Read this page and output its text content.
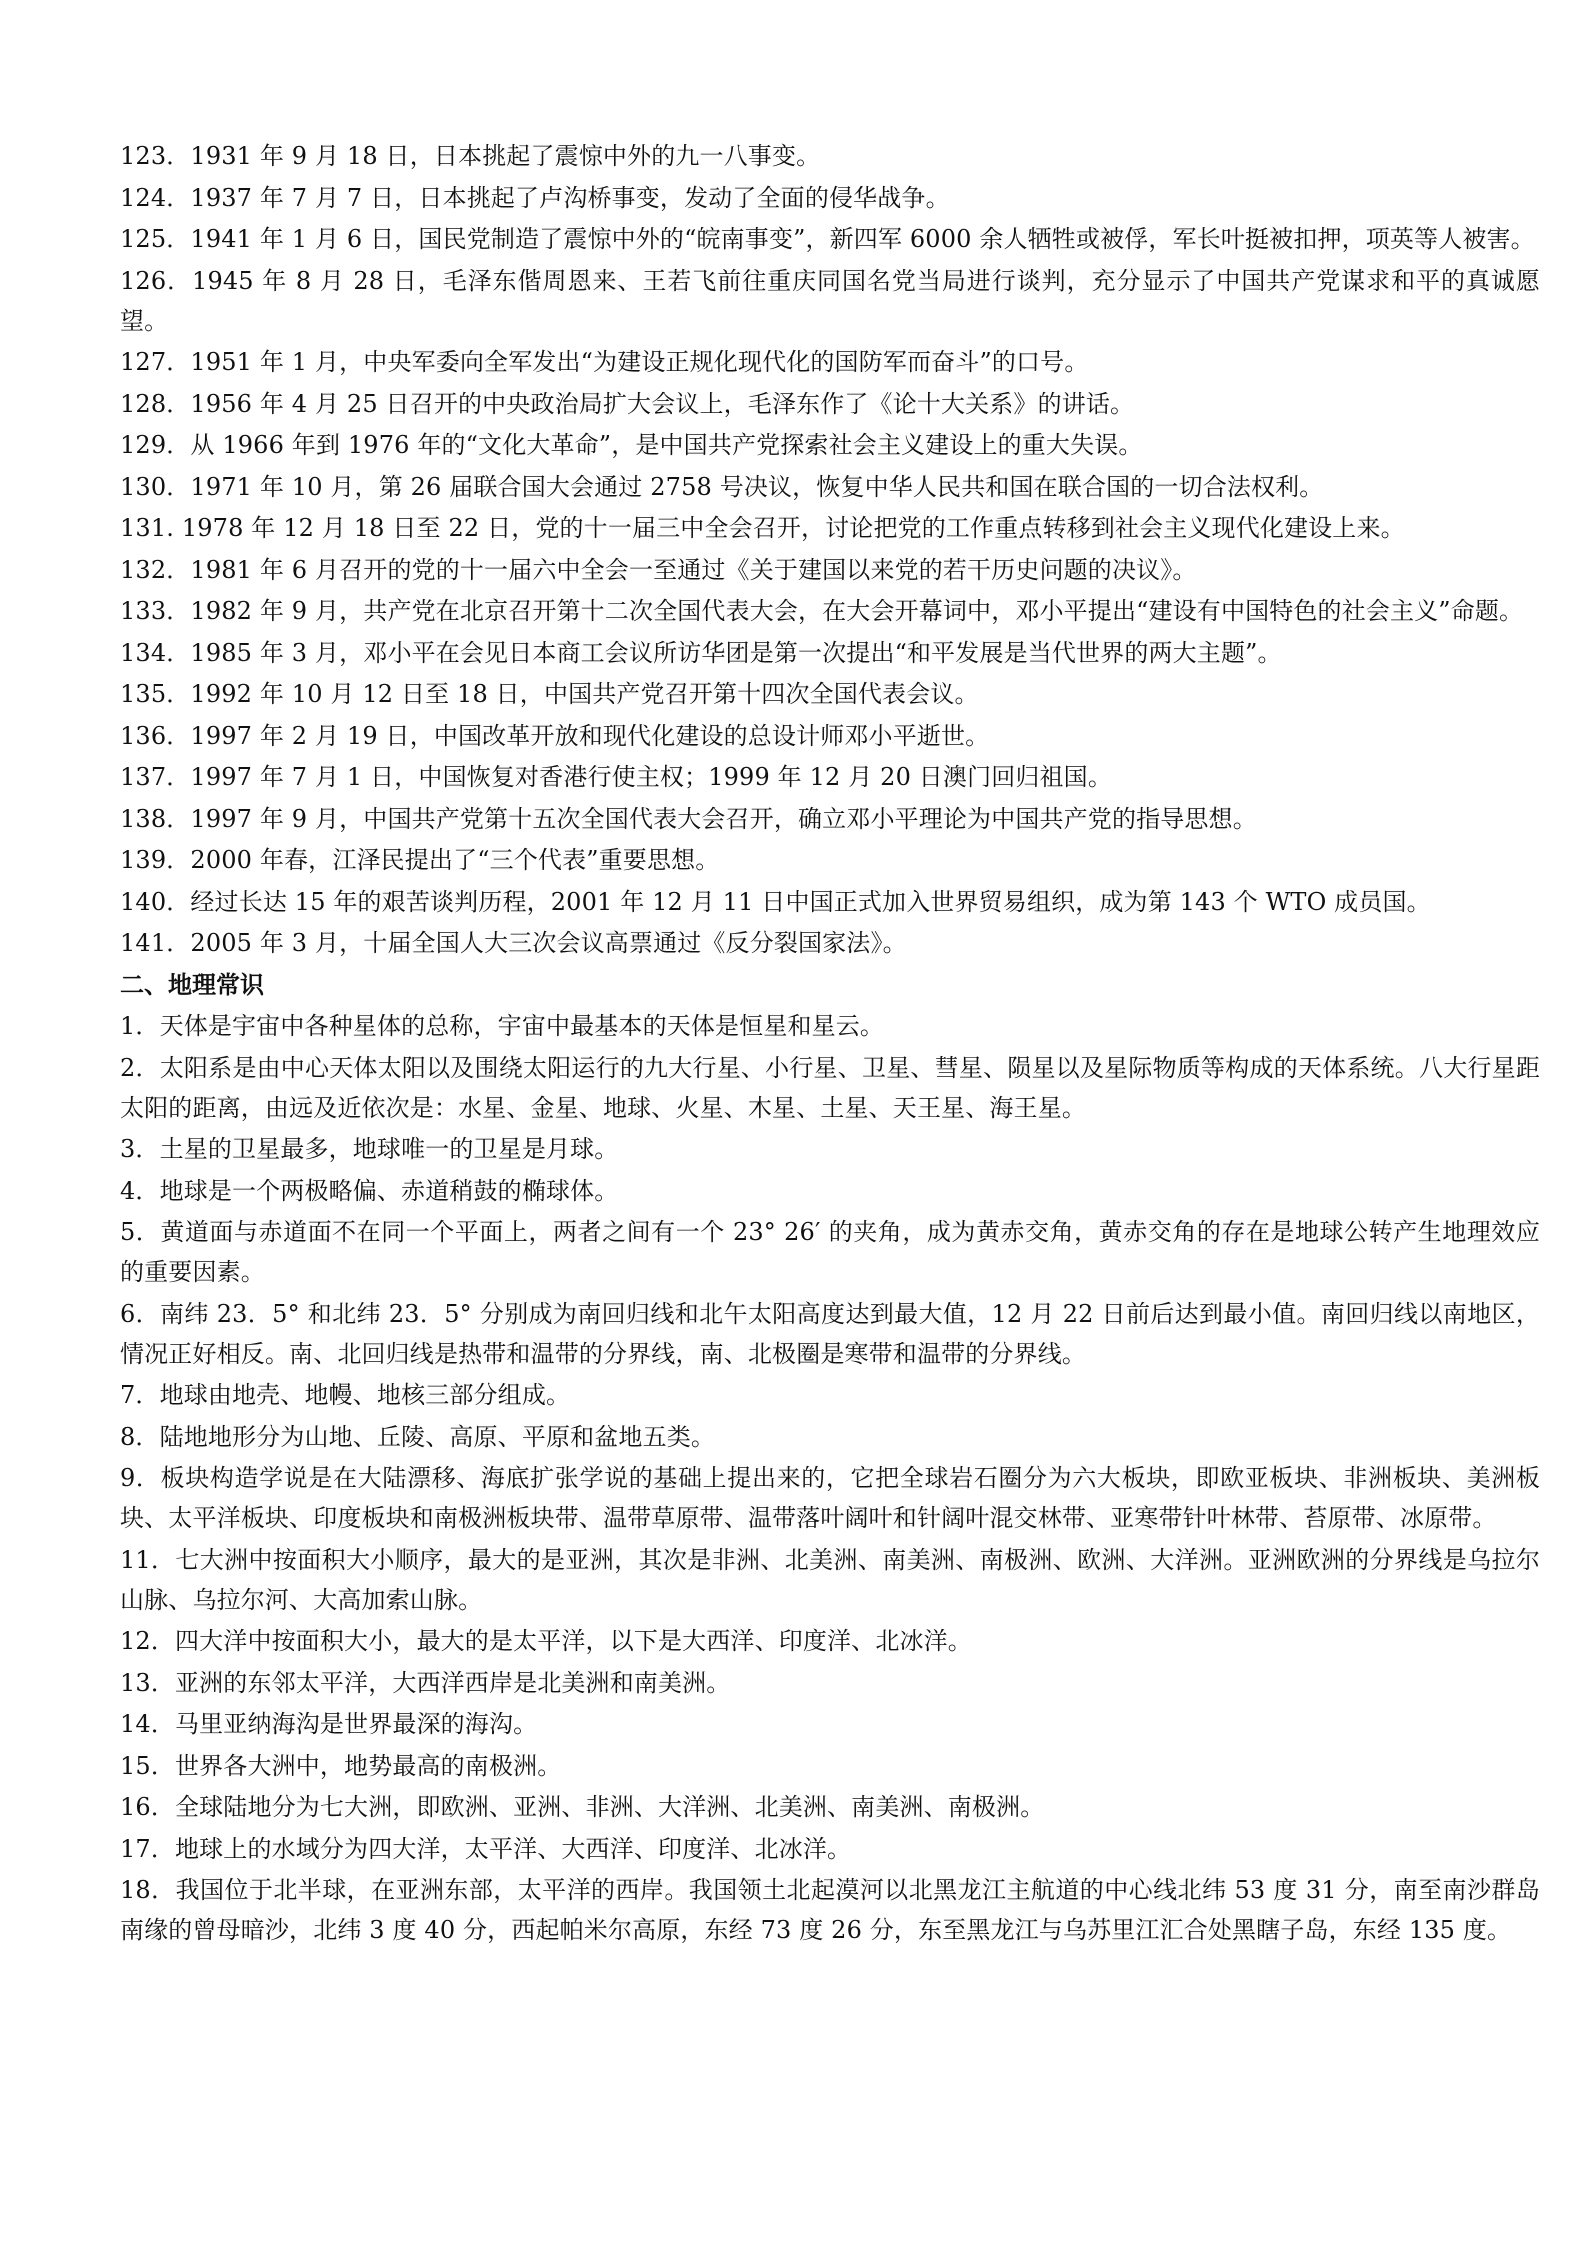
123．1931 年 9 月 18 日，日本挑起了震惊中外的九一八事变。

124．1937 年 7 月 7 日，日本挑起了卢沟桥事变，发动了全面的侵华战争。

125．1941 年 1 月 6 日，国民党制造了震惊中外的“皖南事变”，新四军 6000 余人牺牲或被俘，军长叶挺被扣押，项英等人被害。

126．1945 年 8 月 28 日，毛泽东偕周恩来、王若飞前往重庆同国名党当局进行谈判，充分显示了中国共产党谋求和平的真诚愿望。

127．1951 年 1 月，中央军委向全军发出“为建设正规化现代化的国防军而奋斗”的口号。

128．1956 年 4 月 25 日召开的中央政治局扩大会议上，毛泽东作了《论十大关系》的讲话。

129．从 1966 年到 1976 年的“文化大革命”，是中国共产党探索社会主义建设上的重大失误。

130．1971 年 10 月，第 26 届联合国大会通过 2758 号决议，恢复中华人民共和国在联合国的一切合法权利。

131. 1978 年 12 月 18 日至 22 日，党的十一届三中全会召开，讨论把党的工作重点转移到社会主义现代化建设上来。

132．1981 年 6 月召开的党的十一届六中全会一至通过《关于建国以来党的若干历史问题的决议》。

133．1982 年 9 月，共产党在北京召开第十二次全国代表大会，在大会开幕词中，邓小平提出“建设有中国特色的社会主义”命题。

134．1985 年 3 月，邓小平在会见日本商工会议所访华团是第一次提出“和平发展是当代世界的两大主题”。

135．1992 年 10 月 12 日至 18 日，中国共产党召开第十四次全国代表会议。

136．1997 年 2 月 19 日，中国改革开放和现代化建设的总设计师邓小平逝世。

137．1997 年 7 月 1 日，中国恢复对香港行使主权；1999 年 12 月 20 日澳门回归祖国。

138．1997 年 9 月，中国共产党第十五次全国代表大会召开，确立邓小平理论为中国共产党的指导思想。

139．2000 年春，江泽民提出了“三个代表”重要思想。

140．经过长达 15 年的艰苦谈判历程，2001 年 12 月 11 日中国正式加入世界贸易组织，成为第 143 个 WTO 成员国。

141．2005 年 3 月，十届全国人大三次会议高票通过《反分裂国家法》。

二、地理常识

1．天体是宇宙中各种星体的总称，宇宙中最基本的天体是恒星和星云。

2．太阳系是由中心天体太阳以及围绕太阳运行的九大行星、小行星、卫星、彗星、陨星以及星际物质等构成的天体系统。八大行星距太阳的距离，由远及近依次是：水星、金星、地球、火星、木星、土星、天王星、海王星。

3．土星的卫星最多，地球唯一的卫星是月球。

4．地球是一个两极略偏、赤道稍鼓的椭球体。

5．黄道面与赤道面不在同一个平面上，两者之间有一个 23° 26′ 的夹角，成为黄赤交角，黄赤交角的存在是地球公转产生地理效应的重要因素。

6．南纬 23．5° 和北纬 23．5° 分别成为南回归线和北午太阳高度达到最大值，12 月 22 日前后达到最小值。南回归线以南地区，情况正好相反。南、北回归线是热带和温带的分界线，南、北极圈是寒带和温带的分界线。

7．地球由地壳、地幔、地核三部分组成。

8．陆地地形分为山地、丘陵、高原、平原和盆地五类。

9．板块构造学说是在大陆漂移、海底扩张学说的基础上提出来的，它把全球岩石圈分为六大板块，即欧亚板块、非洲板块、美洲板块、太平洋板块、印度板块和南极洲板块带、温带草原带、温带落叶阔叶和针阔叶混交林带、亚寒带针叶林带、苔原带、冰原带。

11．七大洲中按面积大小顺序，最大的是亚洲，其次是非洲、北美洲、南美洲、南极洲、欧洲、大洋洲。亚洲欧洲的分界线是乌拉尔山脉、乌拉尔河、大高加索山脉。

12．四大洋中按面积大小，最大的是太平洋，以下是大西洋、印度洋、北冰洋。

13．亚洲的东邻太平洋，大西洋西岸是北美洲和南美洲。

14．马里亚纳海沟是世界最深的海沟。

15．世界各大洲中，地势最高的南极洲。

16．全球陆地分为七大洲，即欧洲、亚洲、非洲、大洋洲、北美洲、南美洲、南极洲。

17．地球上的水域分为四大洋，太平洋、大西洋、印度洋、北冰洋。

18．我国位于北半球，在亚洲东部，太平洋的西岸。我国领土北起漠河以北黑龙江主航道的中心线北纬 53 度 31 分，南至南沙群岛南缘的曾母暗沙，北纬 3 度 40 分，西起帕米尔高原，东经 73 度 26 分，东至黑龙江与乌苏里江汇合处黑瞎子岛，东经 135 度。
